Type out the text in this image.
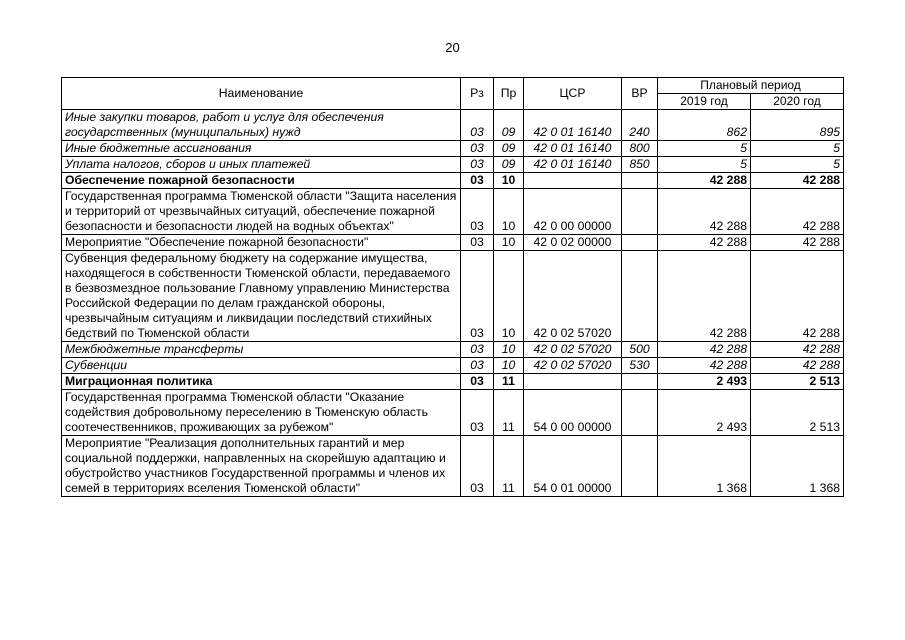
20
Наименование	Рз	Пр	ЦСР	ВР	Плановый период	
					2019 год	2020 год
Иные закупки товаров, работ и услуг для обеспечения государственных (муниципальных) нужд	03	09	42 0 01 16140	240	862	895
Иные бюджетные ассигнования	03	09	42 0 01 16140	800	5	5
Уплата налогов, сборов и иных платежей	03	09	42 0 01 16140	850	5	5
Обеспечение пожарной безопасности	03	10			42 288	42 288
Государственная программа Тюменской области "Защита населения и территорий от чрезвычайных ситуаций, обеспечение пожарной безопасности и безопасности людей на водных объектах"	03	10	42 0 00 00000		42 288	42 288
Мероприятие "Обеспечение пожарной безопасности"	03	10	42 0 02 00000		42 288	42 288
Субвенция федеральному бюджету на содержание имущества, находящегося в собственности Тюменской области, передаваемого в безвозмездное пользование Главному управлению Министерства Российской Федерации по делам гражданской обороны, чрезвычайным ситуациям и ликвидации последствий стихийных бедствий по Тюменской области	03	10	42 0 02 57020		42 288	42 288
Межбюджетные трансферты	03	10	42 0 02 57020	500	42 288	42 288
Субвенции	03	10	42 0 02 57020	530	42 288	42 288
Миграционная политика	03	11			2 493	2 513
Государственная программа Тюменской области "Оказание содействия добровольному переселению в Тюменскую область соотечественников, проживающих за рубежом"	03	11	54 0 00 00000		2 493	2 513
Мероприятие "Реализация дополнительных гарантий и мер социальной поддержки, направленных на скорейшую адаптацию и обустройство участников Государственной программы и членов их семей в территориях вселения Тюменской области"	03	11	54 0 01 00000		1 368	1 368
